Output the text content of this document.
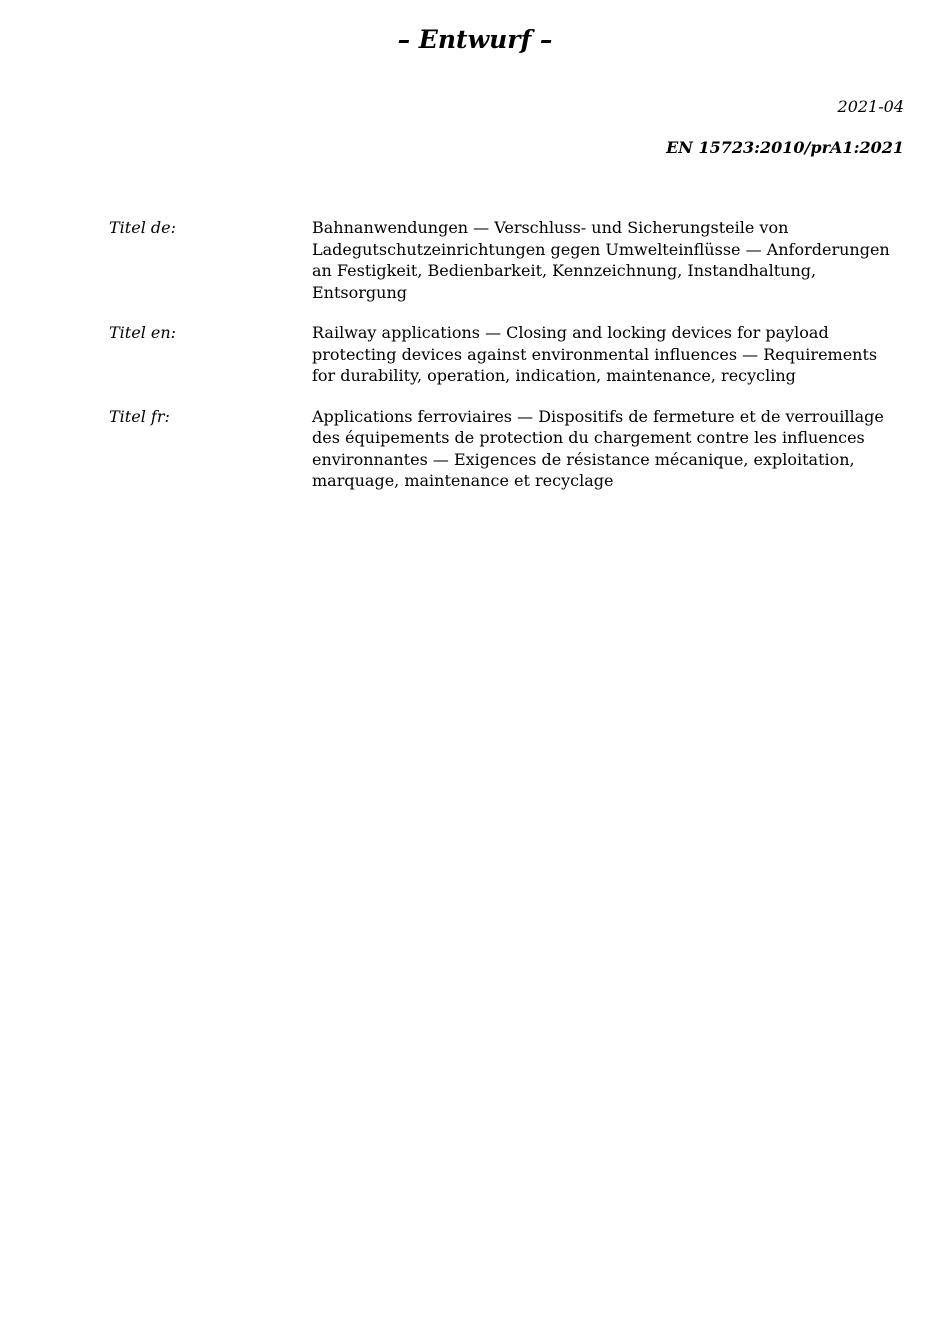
– Entwurf –
2021-04
EN 15723:2010/prA1:2021
Titel de:	Bahnanwendungen — Verschluss- und Sicherungsteile von Ladegutschutzeinrichtungen gegen Umwelteinflüsse — Anforderungen an Festigkeit, Bedienbarkeit, Kennzeichnung, Instandhaltung, Entsorgung
Titel en:	Railway applications — Closing and locking devices for payload protecting devices against environmental influences — Requirements for durability, operation, indication, maintenance, recycling
Titel fr:	Applications ferroviaires — Dispositifs de fermeture et de verrouillage des équipements de protection du chargement contre les influences environnantes — Exigences de résistance mécanique, exploitation, marquage, maintenance et recyclage
